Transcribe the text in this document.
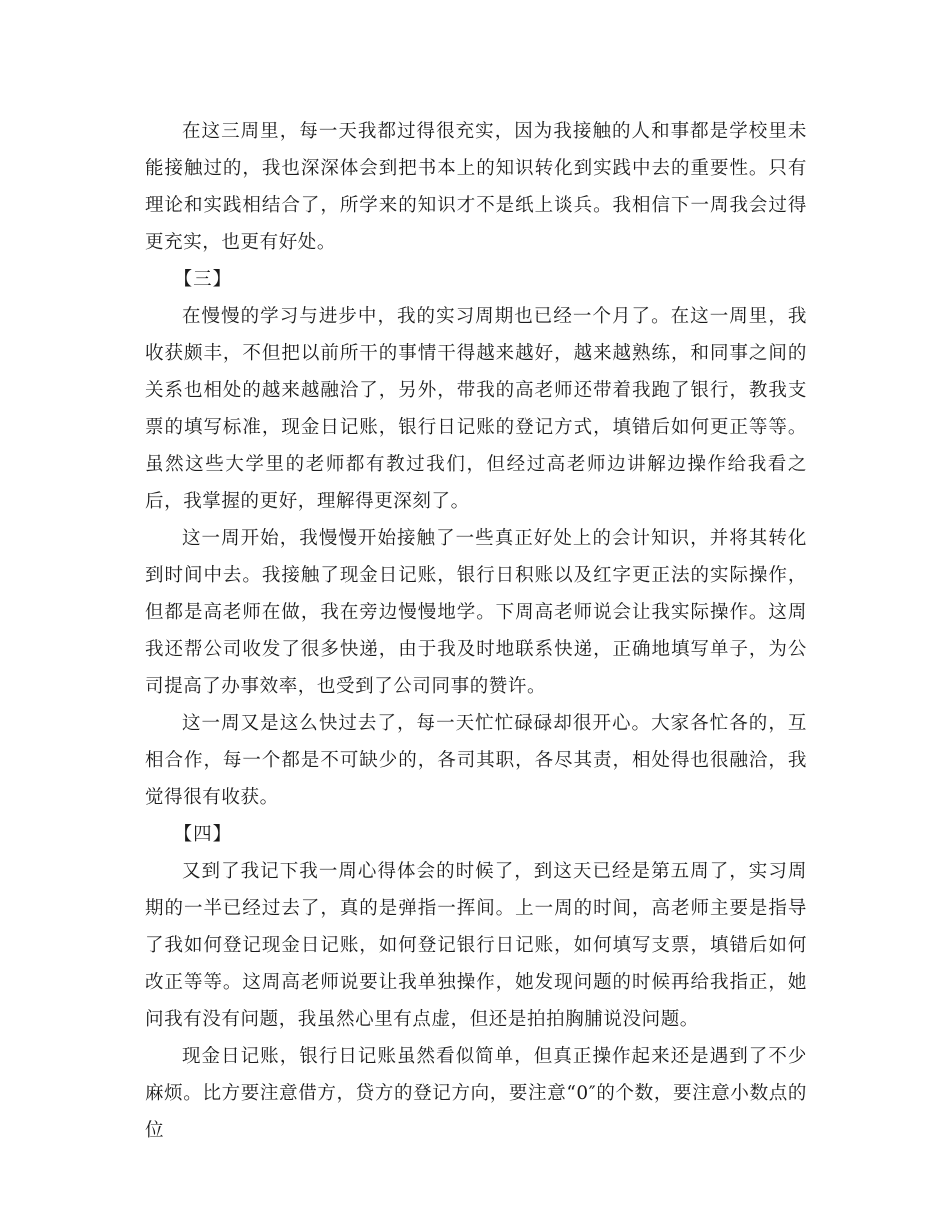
在这三周里，每一天我都过得很充实，因为我接触的人和事都是学校里未能接触过的，我也深深体会到把书本上的知识转化到实践中去的重要性。只有理论和实践相结合了，所学来的知识才不是纸上谈兵。我相信下一周我会过得更充实，也更有好处。

【三】

在慢慢的学习与进步中，我的实习周期也已经一个月了。在这一周里，我收获颇丰，不但把以前所干的事情干得越来越好，越来越熟练，和同事之间的关系也相处的越来越融洽了，另外，带我的高老师还带着我跑了银行，教我支票的填写标准，现金日记账，银行日记账的登记方式，填错后如何更正等等。虽然这些大学里的老师都有教过我们，但经过高老师边讲解边操作给我看之后，我掌握的更好，理解得更深刻了。

这一周开始，我慢慢开始接触了一些真正好处上的会计知识，并将其转化到时间中去。我接触了现金日记账，银行日积账以及红字更正法的实际操作，但都是高老师在做，我在旁边慢慢地学。下周高老师说会让我实际操作。这周我还帮公司收发了很多快递，由于我及时地联系快递，正确地填写单子，为公司提高了办事效率，也受到了公司同事的赞许。

这一周又是这么快过去了，每一天忙忙碌碌却很开心。大家各忙各的，互相合作，每一个都是不可缺少的，各司其职，各尽其责，相处得也很融洽，我觉得很有收获。

【四】

又到了我记下我一周心得体会的时候了，到这天已经是第五周了，实习周期的一半已经过去了，真的是弹指一挥间。上一周的时间，高老师主要是指导了我如何登记现金日记账，如何登记银行日记账，如何填写支票，填错后如何改正等等。这周高老师说要让我单独操作，她发现问题的时候再给我指正，她问我有没有问题，我虽然心里有点虚，但还是拍拍胸脯说没问题。

现金日记账，银行日记账虽然看似简单，但真正操作起来还是遇到了不少麻烦。比方要注意借方，贷方的登记方向，要注意“0″的个数，要注意小数点的位
